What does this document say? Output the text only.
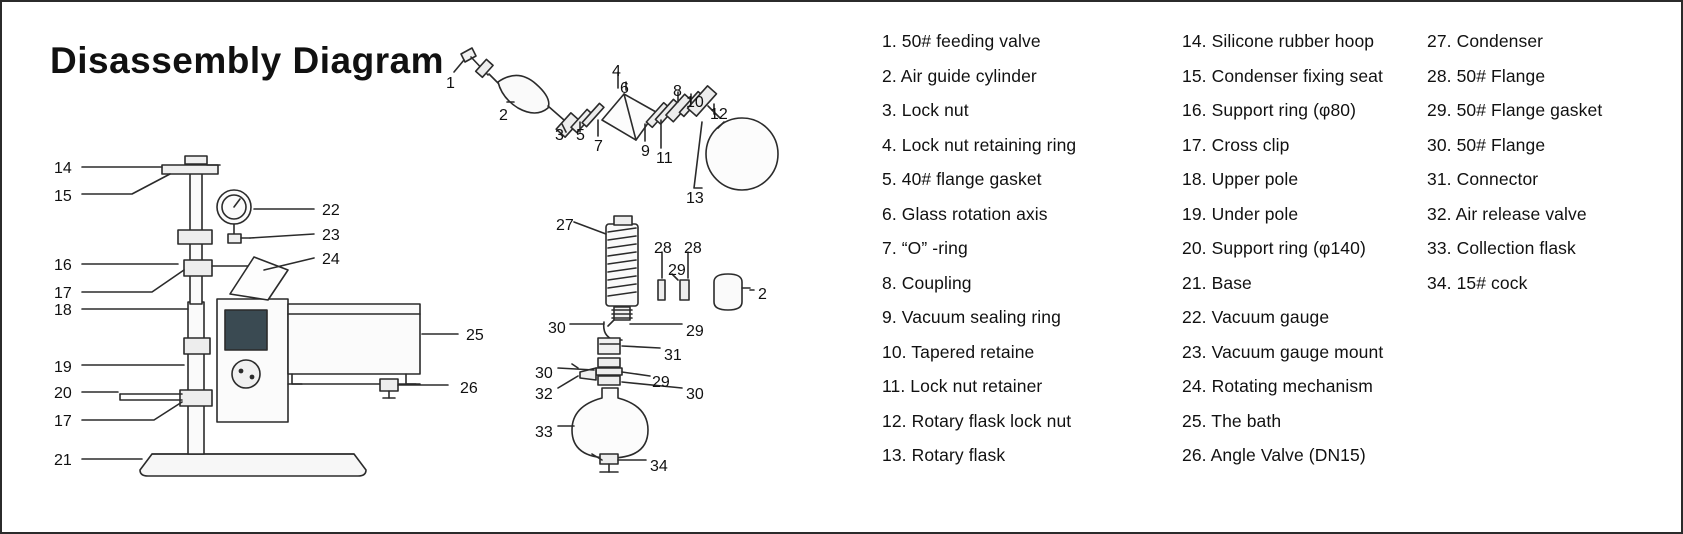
Disassembly Diagram
14
15
16
17
18
19
20
17
21
22
23
24
25
26
1
2
3
4
5
6
7
8
9
10
11
12
13
27
28 28
29
2
30	29
31
30
29
32	30
33
34
1. 50# feeding valve
2. Air guide cylinder
3. Lock nut
4. Lock nut retaining ring
5. 40# flange gasket
6. Glass rotation axis
7. “O” -ring
8. Coupling
9. Vacuum sealing ring
10. Tapered retaine
11. Lock nut retainer
12. Rotary flask lock nut
13. Rotary flask
14. Silicone rubber hoop
15. Condenser fixing seat
16. Support ring (φ80)
17. Cross clip
18. Upper pole
19. Under pole
20. Support ring (φ140)
21. Base
22. Vacuum gauge
23. Vacuum gauge mount
24. Rotating mechanism
25. The bath
26. Angle Valve (DN15)
27. Condenser
28. 50# Flange
29. 50# Flange gasket
30. 50# Flange
31. Connector
32. Air release valve
33. Collection flask
34. 15# cock
